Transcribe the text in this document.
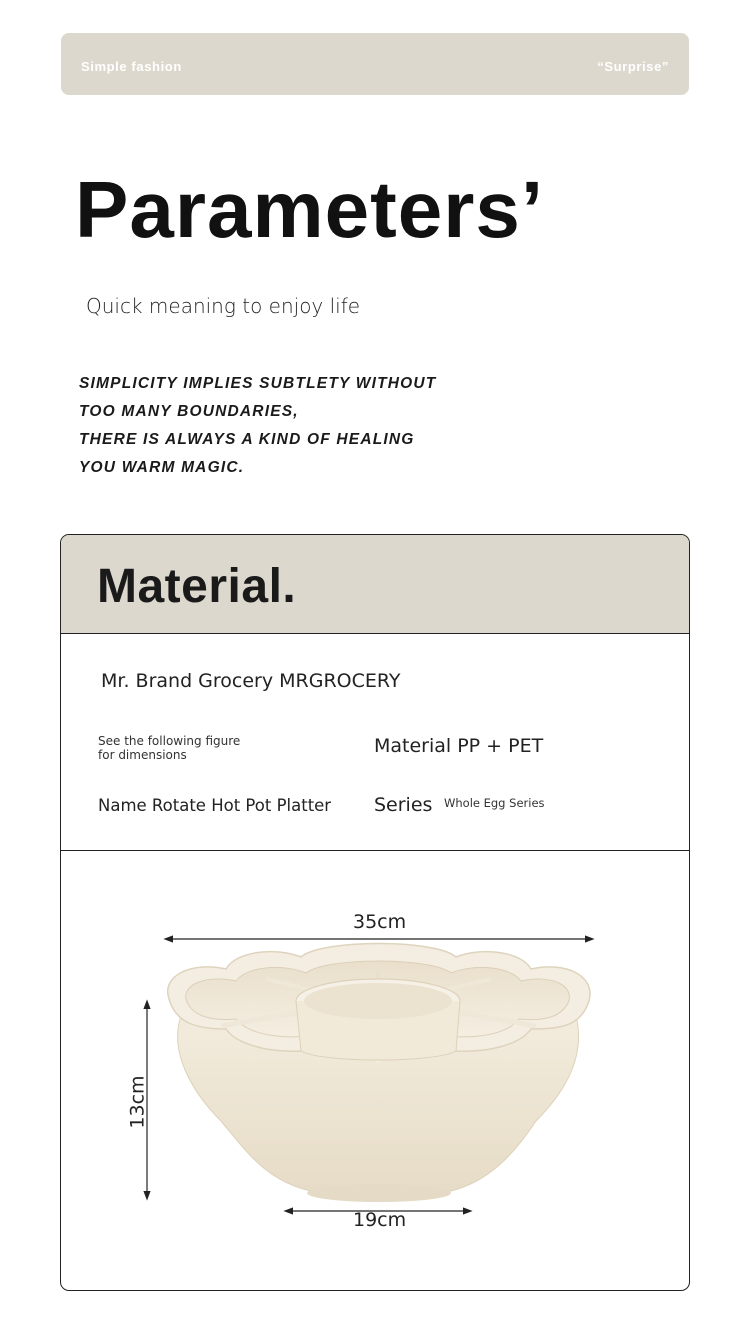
Simple fashion	“Surprise”
Parameters’
Quick meaning to enjoy life
SIMPLICITY IMPLIES SUBTLETY WITHOUT
TOO MANY BOUNDARIES,
THERE IS ALWAYS A KIND OF HEALING
YOU WARM MAGIC.
Material.
Mr. Brand Grocery MRGROCERY
See the following figure
for dimensions	Material PP + PET
Name Rotate Hot Pot Platter Series Whole Egg Series
35cm
13cm
19cm
